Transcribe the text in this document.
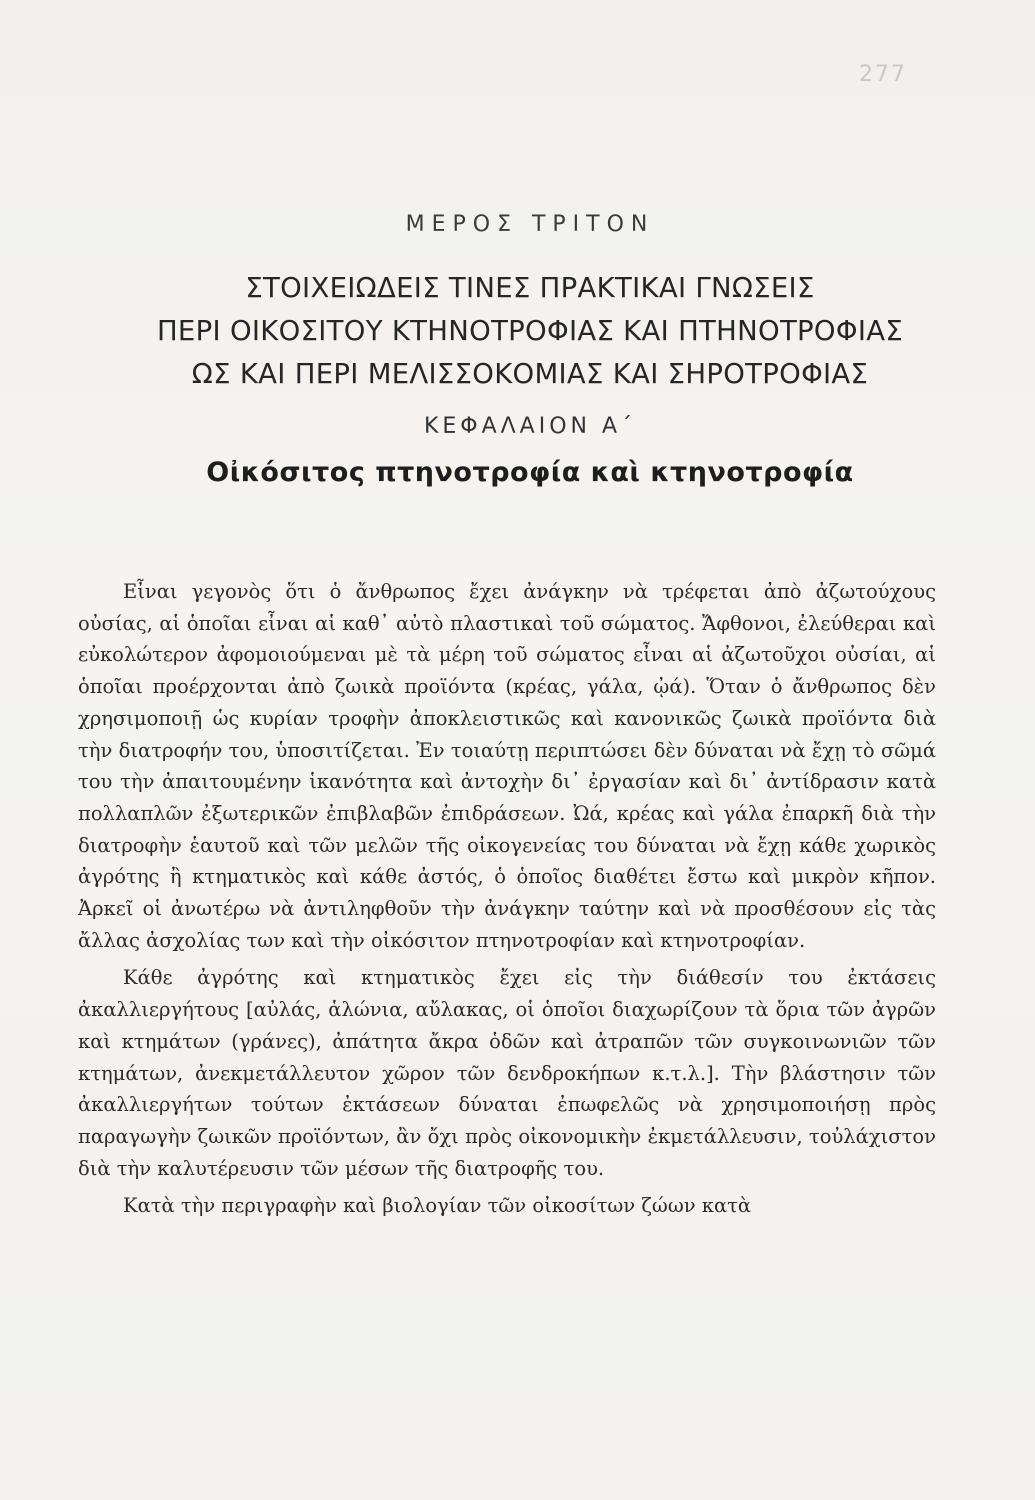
277
ΜΕΡΟΣ ΤΡΙΤΟΝ
ΣΤΟΙΧΕΙΩΔΕΙΣ ΤΙΝΕΣ ΠΡΑΚΤΙΚΑΙ ΓΝΩΣΕΙΣ
ΠΕΡΙ ΟΙΚΟΣΙΤΟΥ ΚΤΗΝΟΤΡΟΦΙΑΣ ΚΑΙ ΠΤΗΝΟΤΡΟΦΙΑΣ
ΩΣ ΚΑΙ ΠΕΡΙ ΜΕΛΙΣΣΟΚΟΜΙΑΣ ΚΑΙ ΣΗΡΟΤΡΟΦΙΑΣ
ΚΕΦΑΛΑΙΟΝ Α΄
Οἰκόσιτος πτηνοτροφία καὶ κτηνοτροφία

Εἶναι γεγονὸς ὅτι ὁ ἄνθρωπος ἔχει ἀνάγκην νὰ τρέφεται ἀπὸ ἀζωτούχους οὐσίας, αἱ ὁποῖαι εἶναι αἱ καθ᾽ αὐτὸ πλαστικαὶ τοῦ σώματος. Ἄφθονοι, ἐλεύθεραι καὶ εὐκολώτερον ἀφομοιούμεναι μὲ τὰ μέρη τοῦ σώματος εἶναι αἱ ἀζωτοῦχοι οὐσίαι, αἱ ὁποῖαι προέρχονται ἀπὸ ζωικὰ προϊόντα (κρέας, γάλα, ᾠά). Ὅταν ὁ ἄνθρωπος δὲν χρησιμοποιῇ ὡς κυρίαν τροφὴν ἀποκλειστικῶς καὶ κανονικῶς ζωικὰ προϊόντα διὰ τὴν διατροφήν του, ὑποσιτίζεται. Ἐν τοιαύτῃ περιπτώσει δὲν δύναται νὰ ἔχῃ τὸ σῶμά του τὴν ἀπαιτουμένην ἱκανότητα καὶ ἀντοχὴν δι᾽ ἐργασίαν καὶ δι᾽ ἀντίδρασιν κατὰ πολλαπλῶν ἐξωτερικῶν ἐπιβλαβῶν ἐπιδράσεων. Ὠά, κρέας καὶ γάλα ἐπαρκῆ διὰ τὴν διατροφὴν ἑαυτοῦ καὶ τῶν μελῶν τῆς οἰκογενείας του δύναται νὰ ἔχῃ κάθε χωρικὸς ἀγρότης ἢ κτηματικὸς καὶ κάθε ἀστός, ὁ ὁποῖος διαθέτει ἔστω καὶ μικρὸν κῆπον. Ἀρκεῖ οἱ ἀνωτέρω νὰ ἀντιληφθοῦν τὴν ἀνάγκην ταύτην καὶ νὰ προσθέσουν εἰς τὰς ἄλλας ἀσχολίας των καὶ τὴν οἰκόσιτον πτηνοτροφίαν καὶ κτηνοτροφίαν.

Κάθε ἀγρότης καὶ κτηματικὸς ἔχει εἰς τὴν διάθεσίν του ἐκτάσεις ἀκαλλιεργήτους [αὐλάς, ἁλώνια, αὔλακας, οἱ ὁποῖοι διαχωρίζουν τὰ ὅρια τῶν ἀγρῶν καὶ κτημάτων (γράνες), ἀπάτητα ἄκρα ὁδῶν καὶ ἀτραπῶν τῶν συγκοινωνιῶν τῶν κτημάτων, ἀνεκμετάλλευτον χῶρον τῶν δενδροκήπων κ.τ.λ.]. Τὴν βλάστησιν τῶν ἀκαλλιεργήτων τούτων ἐκτάσεων δύναται ἐπωφελῶς νὰ χρησιμοποιήσῃ πρὸς παραγωγὴν ζωικῶν προϊόντων, ἂν ὄχι πρὸς οἰκονομικὴν ἐκμετάλλευσιν, τοὐλάχιστον διὰ τὴν καλυτέρευσιν τῶν μέσων τῆς διατροφῆς του.

Κατὰ τὴν περιγραφὴν καὶ βιολογίαν τῶν οἰκοσίτων ζώων κατὰ
